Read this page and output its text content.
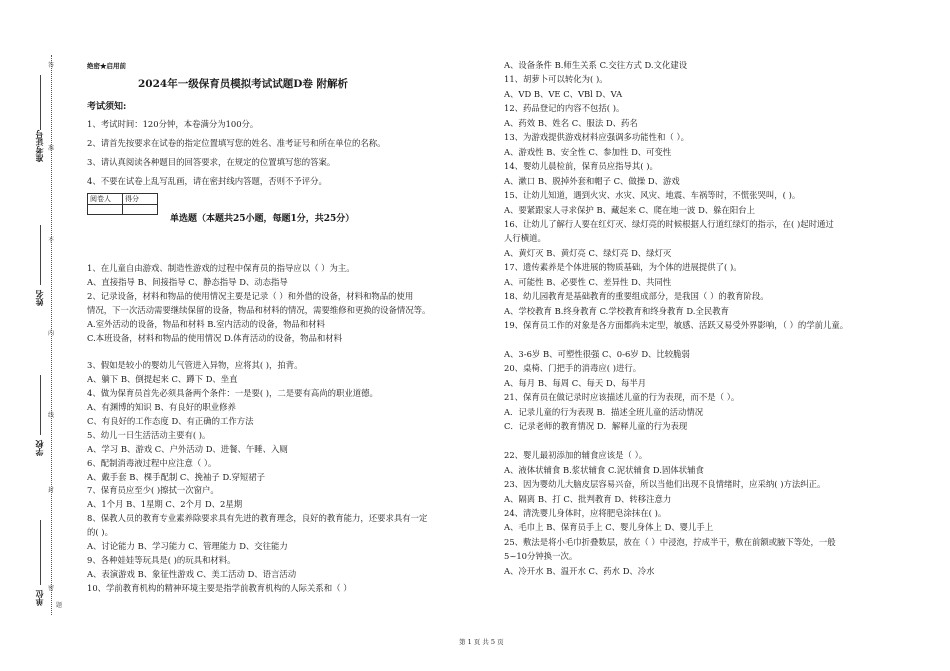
准考证号
姓名
学校
单位
答
准
不
内
线
封
密
题
绝密★启用前
2024年一级保育员模拟考试试题D卷 附解析
考试须知:
1、考试时间：120分钟，本卷满分为100分。
2、请首先按要求在试卷的指定位置填写您的姓名、准考证号和所在单位的名称。
3、请认真阅读各种题目的回答要求，在规定的位置填写您的答案。
4、不要在试卷上乱写乱画，请在密封线内答题，否则不予评分。
阅卷人	得分

单选题（本题共25小题，每题1分，共25分）
1、在儿童自由游戏、制造性游戏的过程中保育员的指导应以（ ）为主。
A、直接指导 B、间接指导 C、静态指导 D、动态指导
2、记录设备，材料和物品的使用情况主要是记录（ ）和外借的设备，材料和物品的使用
情况，下一次活动需要继续保留的设备，物品和材料的情况，需要维修和更换的设备情况等。
A.室外活动的设备，物品和材料 B.室内活动的设备，物品和材料
C.本班设备，材料和物品的使用情况 D.体育活动的设备，物品和材料
3、假如是较小的婴幼儿气管进入异物，应将其( )，拍背。
A、躺下 B、倒提起来 C、蹲下 D、坐直
4、做为保育员首先必须具备两个条件：一是要( )，二是要有高尚的职业道德。
A、有渊博的知识 B、有良好的职业修养
C、有良好的工作态度 D、有正确的工作方法
5、幼儿一日生活活动主要有( )。
A、学习 B、游戏 C、户外活动 D、进餐、午睡、入厕
6、配制消毒液过程中应注意（ ）。
A、戴手套 B、棵手配制 C、挽袖子 D.穿短裙子
7、保育员应至少( )擦拭一次窗户。
A、1个月 B、1星期 C、2个月 D、2星期
8、保教人员的教育专业素养除要求具有先进的教育理念，良好的教育能力，还要求具有一定
的( )。
A、讨论能力 B、学习能力 C、管理能力 D、交往能力
9、各种娃娃等玩具是( )的玩具和材料。
A、表演游戏 B、象征性游戏 C、美工活动 D、语言活动
10、学前教育机构的精神环境主要是指学前教育机构的人际关系和（ ）
A、设备条件 B.师生关系 C.交往方式 D.文化建设
11、胡萝卜可以转化为( )。
A、VD B、VE C、VBl D、VA
12、药品登记的内容不包括( )。
A、药效 B、姓名 C、服法 D、药名
13、为游戏提供游戏材料应强调多功能性和（ ）。
A、游戏性 B、安全性 C、参加性 D、可变性
14、婴幼儿晨检前，保育员应指导其( )。
A、漱口 B、脱掉外套和帽子 C、做操 D、游戏
15、让幼儿知道，遇到火灾、水灾、风灾、地震、车祸等时，不慌张哭叫，( )。
A、要紧跟家人寻求保护 B、藏起来 C、爬在地一波 D、躲在阳台上
16、让幼儿了解行人要在红灯灭、绿灯亮的时候根据人行道红绿灯的指示，在( )起时通过
人行横道。
A、黄灯灭 B、黄灯亮 C、绿灯亮 D、绿灯灭
17、遗传素养是个体进展的物质基础，为个体的进展提供了( )。
A、可能性 B、必要性 C、差异性 D、共同性
18、幼儿园教育是基础教育的重要组成部分，是我国（ ）的教育阶段。
A、学校教育 B.终身教育 C.学校教育和终身教育 D.全民教育
19、保育员工作的对象是各方面都尚未定型，敏感、活跃又易受外界影响，（ ）的学前儿童。
A、3-6岁 B、可塑性很强 C、0-6岁 D、比较脆弱
20、桌椅、门把手的消毒应( )进行。
A、每月 B、每周 C、每天 D、每半月
21、保育员在做记录时应该描述儿童的行为表现，而不是（ ）。
A．记录儿童的行为表现 B．描述全班儿童的活动情况
C．记录老师的教育情况 D．解释儿童的行为表现
22、婴儿最初添加的辅食应该是（ ）。
A、液体状辅食 B.浆状辅食 C.泥状辅食 D.固体状辅食
23、因为婴幼儿大脑皮层容易兴奋，所以当他们出现不良情绪时，应采纳( )方法纠正。
A、隔离 B、打 C、批判教育 D、转移注意力
24、清洗婴儿身体时，应将肥皂涂抹在( )。
A、毛巾上 B、保育员手上 C、婴儿身体上 D、婴儿手上
25、敷法是将小毛巾折叠数层，放在（ ）中浸泡，拧成半干，敷在前额或腋下等处，一般
5~10分钟换一次。
A、冷开水 B、温开水 C、药水 D、冷水
第 1 页 共 5 页
